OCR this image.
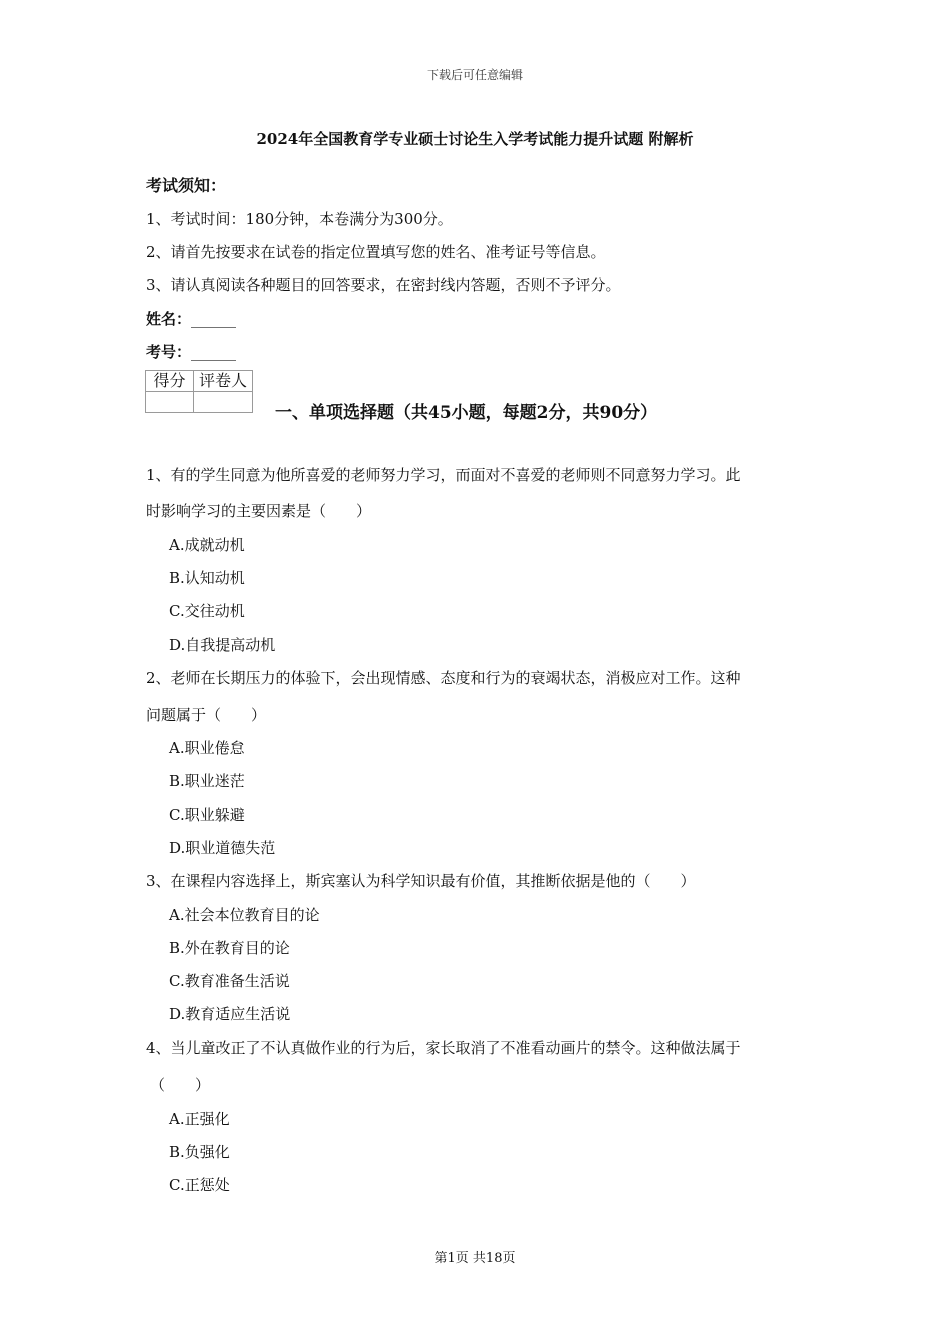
下载后可任意编辑
2024年全国教育学专业硕士讨论生入学考试能力提升试题 附解析
考试须知：
1、考试时间：180分钟，本卷满分为300分。
2、请首先按要求在试卷的指定位置填写您的姓名、准考证号等信息。
3、请认真阅读各种题目的回答要求，在密封线内答题，否则不予评分。
姓名：______
考号：______
得分	评卷人

一、单项选择题（共45小题，每题2分，共90分）
1、有的学生同意为他所喜爱的老师努力学习，而面对不喜爱的老师则不同意努力学习。此
时影响学习的主要因素是（　　）
A.成就动机
B.认知动机
C.交往动机
D.自我提高动机
2、老师在长期压力的体验下，会出现情感、态度和行为的衰竭状态，消极应对工作。这种
问题属于（　　）
A.职业倦怠
B.职业迷茫
C.职业躲避
D.职业道德失范
3、在课程内容选择上，斯宾塞认为科学知识最有价值，其推断依据是他的（　　）
A.社会本位教育目的论
B.外在教育目的论
C.教育准备生活说
D.教育适应生活说
4、当儿童改正了不认真做作业的行为后，家长取消了不准看动画片的禁令。这种做法属于
（　　）
A.正强化
B.负强化
C.正惩处
第1页 共18页
